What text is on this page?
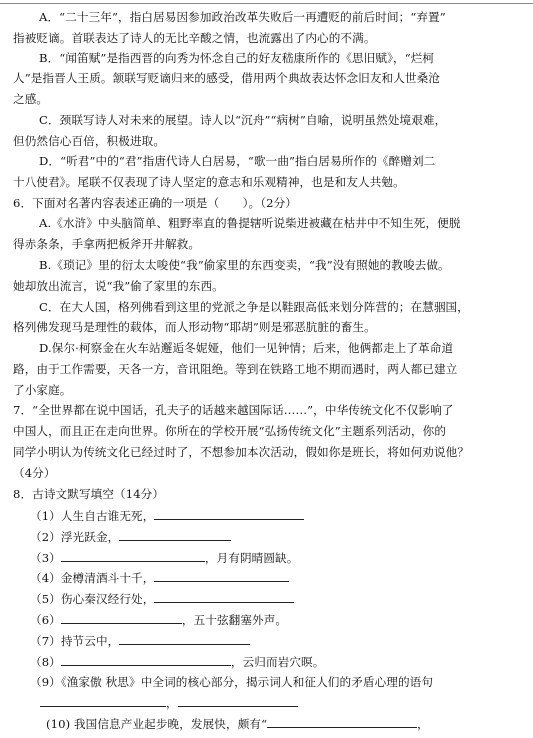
A．“二十三年”，指白居易因参加政治改革失败后一再遭贬的前后时间；“弃置”
指被贬谪。首联表达了诗人的无比辛酸之情，也流露出了内心的不满。
B．“闻笛赋”是指西晋的向秀为怀念自己的好友嵇康所作的《思旧赋》，“烂柯
人”是指晋人王质。颔联写贬谪归来的感受，借用两个典故表达怀念旧友和人世桑沧
之感。
C．颈联写诗人对未来的展望。诗人以“沉舟”“病树”自喻，说明虽然处境艰难，
但仍然信心百倍，积极进取。
D．“听君”中的“君”指唐代诗人白居易，“歌一曲”指白居易所作的《醉赠刘二
十八使君》。尾联不仅表现了诗人坚定的意志和乐观精神，也是和友人共勉。
6．下面对名著内容表述正确的一项是（　　）。（2分）
A.《水浒》中头脑简单、粗野率直的鲁提辖听说柴进被藏在枯井中不知生死，便脱
得赤条条，手拿两把板斧开井解救。
B.《琐记》里的衍太太唆使“我”偷家里的东西变卖，“我”没有照她的教唆去做。
她却放出流言，说“我”偷了家里的东西。
C．在大人国，格列佛看到这里的党派之争是以鞋跟高低来划分阵营的；在慧骃国，
格列佛发现马是理性的载体，而人形动物“耶胡”则是邪恶肮脏的畜生。
D.保尔·柯察金在火车站邂逅冬妮娅，他们一见钟情；后来，他俩都走上了革命道
路，由于工作需要，天各一方，音讯阻绝。等到在铁路工地不期而遇时，两人都已建立
了小家庭。
7．“全世界都在说中国话，孔夫子的话越来越国际话……”，中华传统文化不仅影响了
中国人，而且正在走向世界。你所在的学校开展“弘扬传统文化”主题系列活动，你的
同学小明认为传统文化已经过时了，不想参加本次活动，假如你是班长，将如何劝说他？
（4分）
8．古诗文默写填空（14分）
（1）人生自古谁无死，
（2）浮光跃金，
（3）	，月有阴晴圆缺。
（4）金樽清酒斗十千，
（5）伤心秦汉经行处，
（6）	，五十弦翻塞外声。
（7）持节云中，
（8）	，云归而岩穴暝。
（9）《渔家傲 秋思》中全词的核心部分，揭示词人和征人们的矛盾心理的语句
，
(10) 我国信息产业起步晚，发展快，颇有“	，
